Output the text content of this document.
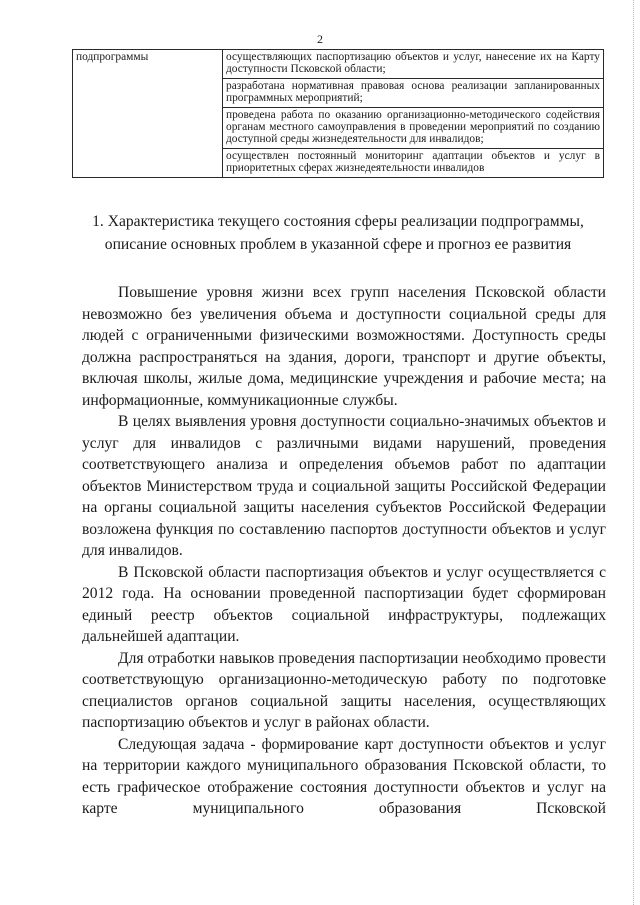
2
подпрограммы	осуществляющих паспортизацию объектов и услуг, нанесение их на Карту доступности Псковской области;
разработана нормативная правовая основа реализации запланированных программных мероприятий;
проведена работа по оказанию организационно-методического содействия органам местного самоуправления в проведении мероприятий по созданию доступной среды жизнедеятельности для инвалидов;
осуществлен постоянный мониторинг адаптации объектов и услуг в приоритетных сферах жизнедеятельности инвалидов
1. Характеристика текущего состояния сферы реализации подпрограммы,
описание основных проблем в указанной сфере и прогноз ее развития

Повышение уровня жизни всех групп населения Псковской области невозможно без увеличения объема и доступности социальной среды для людей с ограниченными физическими возможностями. Доступность среды должна распространяться на здания, дороги, транспорт и другие объекты, включая школы, жилые дома, медицинские учреждения и рабочие места; на информационные, коммуникационные службы.

В целях выявления уровня доступности социально-значимых объектов и услуг для инвалидов с различными видами нарушений, проведения соответствующего анализа и определения объемов работ по адаптации объектов Министерством труда и социальной защиты Российской Федерации на органы социальной защиты населения субъектов Российской Федерации возложена функция по составлению паспортов доступности объектов и услуг для инвалидов.

В Псковской области паспортизация объектов и услуг осуществляется с 2012 года. На основании проведенной паспортизации будет сформирован единый реестр объектов социальной инфраструктуры, подлежащих дальнейшей адаптации.

Для отработки навыков проведения паспортизации необходимо провести соответствующую организационно-методическую работу по подготовке специалистов органов социальной защиты населения, осуществляющих паспортизацию объектов и услуг в районах области.

Следующая задача - формирование карт доступности объектов и услуг на территории каждого муниципального образования Псковской области, то есть графическое отображение состояния доступности объектов и услуг на карте муниципального образования Псковской
